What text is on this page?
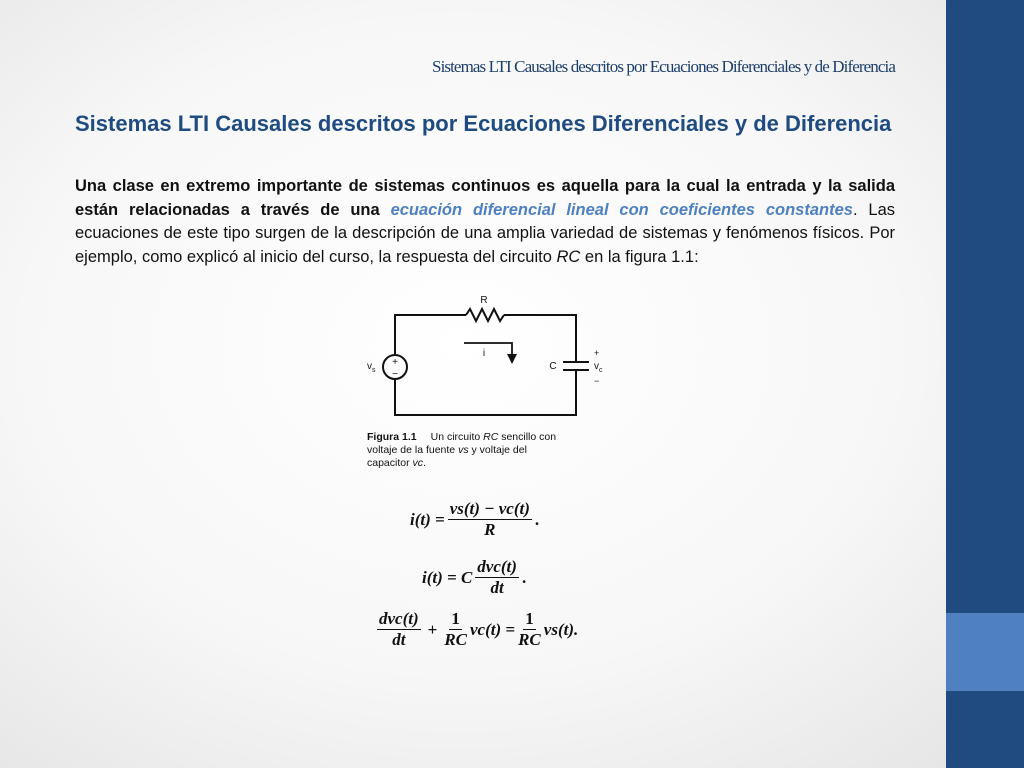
Sistemas LTI Causales descritos por Ecuaciones Diferenciales y de Diferencia
Sistemas LTI Causales descritos por Ecuaciones Diferenciales y de Diferencia
Una clase en extremo importante de sistemas continuos es aquella para la cual la entrada y la salida están relacionadas a través de una ecuación diferencial lineal con coeficientes constantes. Las ecuaciones de este tipo surgen de la descripción de una amplia variedad de sistemas y fenómenos físicos. Por ejemplo, como explicó al inicio del curso, la respuesta del circuito RC en la figura 1.1:
R
+
−
$v_s$
i
C
+
$v_c$
−
Figura 1.1 Un circuito RC sencillo con voltaje de la fuente vs y voltaje del capacitor vc.
$i(t) = \frac{vs(t) - vc(t)}{R}$ .
i(t) = C $\frac{\text{dvc(t)}}{dt}$ .
$\frac{\text{dvc(t)}}{dt} + \frac{1}{RC} vc(t) = \frac{1}{RC} vs(t)$.
